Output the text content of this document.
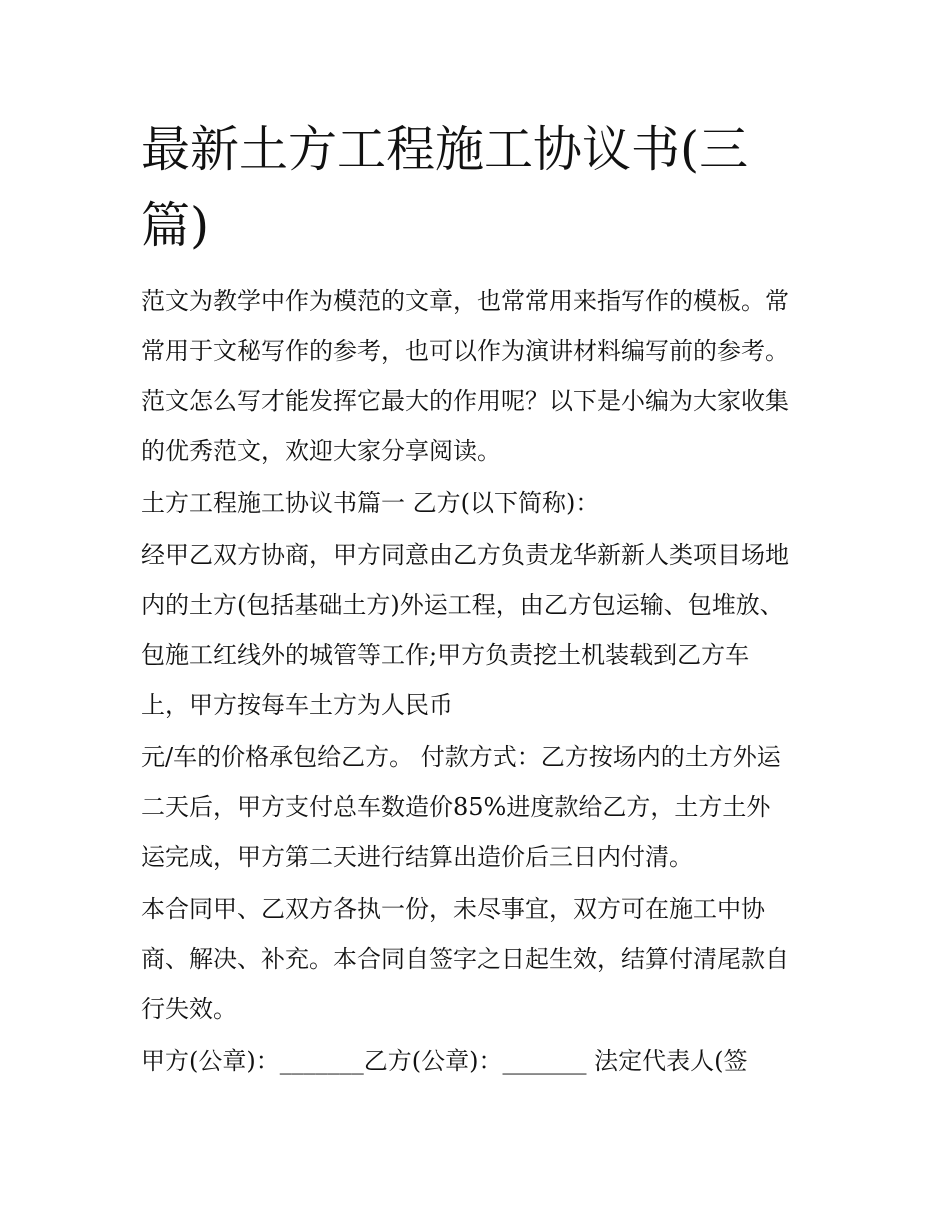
最新土方工程施工协议书(三篇)

范文为教学中作为模范的文章，也常常用来指写作的模板。常

常用于文秘写作的参考，也可以作为演讲材料编写前的参考。

范文怎么写才能发挥它最大的作用呢？以下是小编为大家收集

的优秀范文，欢迎大家分享阅读。

土方工程施工协议书篇一 乙方(以下简称)：

经甲乙双方协商，甲方同意由乙方负责龙华新新人类项目场地

内的土方(包括基础土方)外运工程，由乙方包运输、包堆放、

包施工红线外的城管等工作;甲方负责挖土机装载到乙方车

上，甲方按每车土方为人民币

元/车的价格承包给乙方。 付款方式：乙方按场内的土方外运

二天后，甲方支付总车数造价85%进度款给乙方，土方土外

运完成，甲方第二天进行结算出造价后三日内付清。

本合同甲、乙双方各执一份，未尽事宜，双方可在施工中协

商、解决、补充。本合同自签字之日起生效，结算付清尾款自

行失效。

甲方(公章)：_______乙方(公章)：_______ 法定代表人(签
